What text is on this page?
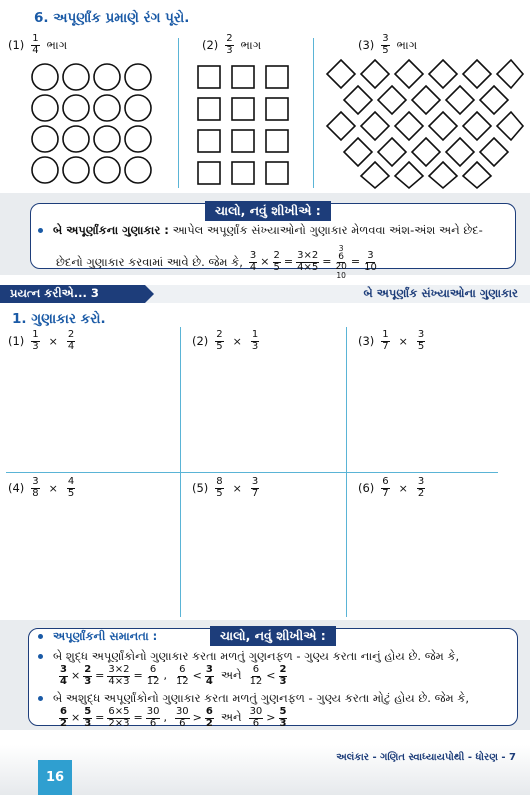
6. અપૂર્ણાંક પ્રમાણે રંગ પૂરો.
$(1) \frac{1}{4}$ ભાગ	$(2) \frac{2}{3}$ ભાગ	$(3) \frac{3}{5}$ ભાગ
ચાલો, નવું શીખીએ :
બે અપૂર્ણાંકના ગુણાકાર : આપેલ અપૂર્ણાંક સંખ્યાઓનો ગુણાકાર મેળવવા અંશ-અંશ અને છેદ-
છેદનો ગુણાકાર કરવામાં આવે છે. જેમ કે, $\frac{3}{4} \times \frac{2}{5} = \frac{3\times 2}{4\times 5}$ =
3
$\frac{6}{20}$
10
= $\frac{3}{10}$
પ્રયત્ન કરીએ... 3	બે અપૂર્ણાંક સંખ્યાઓના ગુણાકાર
1. ગુણાકાર કરો.
$(1) \frac{1}{3} \times \frac{2}{4}$	$(2) \frac{2}{5} \times \frac{1}{3}$	$(3) \frac{1}{7} \times \frac{3}{5}$
$(4) \frac{3}{8} \times \frac{4}{5}$	$(5) \frac{8}{5} \times \frac{3}{7}$	$(6) \frac{6}{7} \times \frac{3}{2}$
ચાલો, નવું શીખીએ :
અપૂર્ણાંકની સમાનતા :
બે શુદ્ધ અપૂર્ણાંકોનો ગુણાકાર કરતા મળતું ગુણનફળ - ગુણ્ય કરતા નાનું હોય છે. જેમ કે,
$\frac{3}{4} \times \frac{2}{3} = \frac{3\times 2}{4\times 3} = \frac{6}{12}$ , $\frac{6}{12} < \frac{3}{4}$ અને $\frac{6}{12} < \frac{2}{3}$
બે અશુદ્ધ અપૂર્ણાંકોનો ગુણાકાર કરતા મળતું ગુણનફળ - ગુણ્ય કરતા મોટું હોય છે. જેમ કે,
$\frac{6}{2} \times \frac{5}{3} = \frac{6\times 5}{2\times 3} = \frac{30}{6}$ , $\frac{30}{6} > \frac{6}{2}$ અને $\frac{30}{6} > \frac{5}{3}$
અલંકાર - ગણિત સ્વાધ્યાયપોથી - ધોરણ - 7
16
